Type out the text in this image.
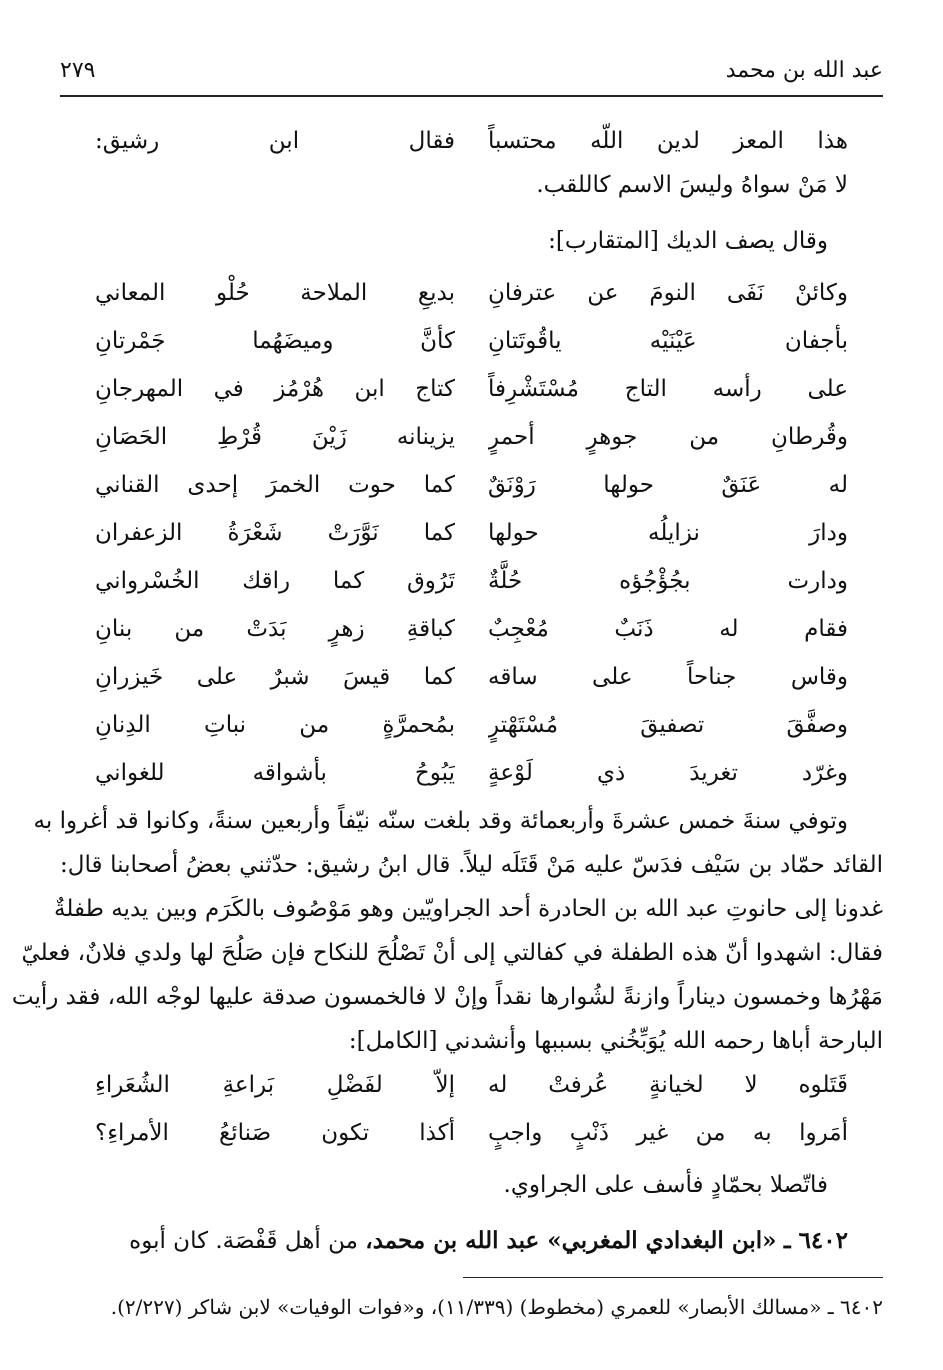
عبد الله بن محمد
٢٧٩
هذا المعز لدين اللّه محتسباً
فقال ابن رشيق:
لا مَنْ سواهُ وليسَ الاسم كاللقب.
وقال يصف الديك [المتقارب]:
وكائنْ نَفَى النومَ عن عترفانِ
بديعِ الملاحة حُلْو المعاني
بأجفان عَيْنَيْه ياقُوتَتانِ
كأنَّ وميضَهُما جَمْرتانِ
على رأسه التاج مُسْتَشْرِفاً
كتاج ابن هُرْمُز في المهرجانِ
وقُرطانِ من جوهرٍ أحمرٍ
يزينانه زَيْنَ قُرْطِ الحَصَانِ
له عَنَقٌ حولها رَوْنَقٌ
كما حوت الخمرَ إحدى القناني
ودارَ نزايلُه حولها
كما نَوَّرَتْ شَعْرَةُ الزعفران
ودارت بجُؤْجُؤه حُلَّةٌ
تَرُوق كما راقك الخُسْرواني
فقام له ذَنَبٌ مُعْجِبٌ
كباقةِ زهرٍ بَدَتْ من بنانِ
وقاس جناحاً على ساقه
كما قيسَ شبرٌ على خَيزرانِ
وصفَّقَ تصفيقَ مُسْتَهْترٍ
بمُحمرَّةٍ من نباتِ الدِنانِ
وغرّد تغريدَ ذي لَوْعةٍ
يَبُوحُ بأشواقه للغواني
وتوفي سنةَ خمس عشرةَ وأربعمائة وقد بلغت سنّه نيّفاً وأربعين سنةً، وكانوا قد أغروا به
القائد حمّاد بن سَيْف فدَسّ عليه مَنْ قَتَلَه ليلاً. قال ابنُ رشيق: حدّثني بعضُ أصحابنا قال:
غدونا إلى حانوتِ عبد الله بن الحادرة أحد الجراويّين وهو مَوْصُوف بالكَرَم وبين يديه طفلةٌ
فقال: اشهدوا أنّ هذه الطفلة في كفالتي إلى أنْ تَصْلُحَ للنكاح فإن صَلُحَ لها ولدي فلانٌ، فعليّ
مَهْرُها وخمسون ديناراً وازنةً لشُوارها نقداً وإنْ لا فالخمسون صدقة عليها لوجْه الله، فقد رأيت
البارحة أباها رحمه الله يُوَبِّخُني بسببها وأنشدني [الكامل]:
قَتَلوه لا لخيانةٍ عُرفتْ له
إلاّ لفَضْلِ بَراعةِ الشُعَراءِ
أمَروا به من غير ذَنْبٍ واجبٍ
أكذا تكون صَنائعُ الأمراءِ؟
فاتّصلا بحمّادٍ فأسف على الجراوي.
٦٤٠٢ ـ «ابن البغدادي المغربي» عبد الله بن محمد، من أهل قَفْصَة. كان أبوه
٦٤٠٢ ـ «مسالك الأبصار» للعمري (مخطوط) (١١/٣٣٩)، و«فوات الوفيات» لابن شاكر (٢/٢٢٧).
